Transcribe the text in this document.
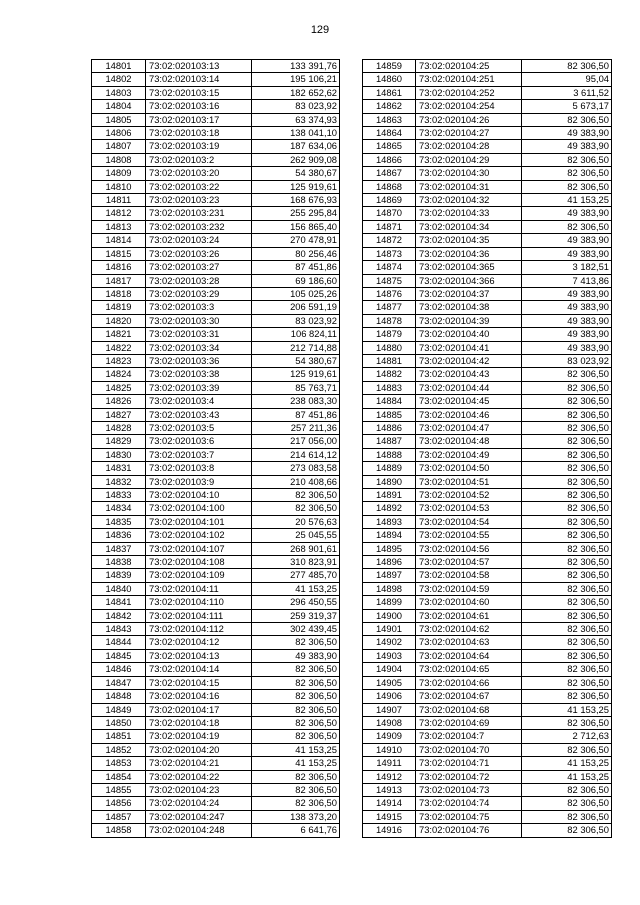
129
14801	73:02:020103:13	133 391,76
14802	73:02:020103:14	195 106,21
14803	73:02:020103:15	182 652,62
14804	73:02:020103:16	83 023,92
14805	73:02:020103:17	63 374,93
14806	73:02:020103:18	138 041,10
14807	73:02:020103:19	187 634,06
14808	73:02:020103:2	262 909,08
14809	73:02:020103:20	54 380,67
14810	73:02:020103:22	125 919,61
14811	73:02:020103:23	168 676,93
14812	73:02:020103:231	255 295,84
14813	73:02:020103:232	156 865,40
14814	73:02:020103:24	270 478,91
14815	73:02:020103:26	80 256,46
14816	73:02:020103:27	87 451,86
14817	73:02:020103:28	69 186,60
14818	73:02:020103:29	105 025,26
14819	73:02:020103:3	206 591,19
14820	73:02:020103:30	83 023,92
14821	73:02:020103:31	106 824,11
14822	73:02:020103:34	212 714,88
14823	73:02:020103:36	54 380,67
14824	73:02:020103:38	125 919,61
14825	73:02:020103:39	85 763,71
14826	73:02:020103:4	238 083,30
14827	73:02:020103:43	87 451,86
14828	73:02:020103:5	257 211,36
14829	73:02:020103:6	217 056,00
14830	73:02:020103:7	214 614,12
14831	73:02:020103:8	273 083,58
14832	73:02:020103:9	210 408,66
14833	73:02:020104:10	82 306,50
14834	73:02:020104:100	82 306,50
14835	73:02:020104:101	20 576,63
14836	73:02:020104:102	25 045,55
14837	73:02:020104:107	268 901,61
14838	73:02:020104:108	310 823,91
14839	73:02:020104:109	277 485,70
14840	73:02:020104:11	41 153,25
14841	73:02:020104:110	296 450,55
14842	73:02:020104:111	259 319,37
14843	73:02:020104:112	302 439,45
14844	73:02:020104:12	82 306,50
14845	73:02:020104:13	49 383,90
14846	73:02:020104:14	82 306,50
14847	73:02:020104:15	82 306,50
14848	73:02:020104:16	82 306,50
14849	73:02:020104:17	82 306,50
14850	73:02:020104:18	82 306,50
14851	73:02:020104:19	82 306,50
14852	73:02:020104:20	41 153,25
14853	73:02:020104:21	41 153,25
14854	73:02:020104:22	82 306,50
14855	73:02:020104:23	82 306,50
14856	73:02:020104:24	82 306,50
14857	73:02:020104:247	138 373,20
14858	73:02:020104:248	6 641,76
14859	73:02:020104:25	82 306,50
14860	73:02:020104:251	95,04
14861	73:02:020104:252	3 611,52
14862	73:02:020104:254	5 673,17
14863	73:02:020104:26	82 306,50
14864	73:02:020104:27	49 383,90
14865	73:02:020104:28	49 383,90
14866	73:02:020104:29	82 306,50
14867	73:02:020104:30	82 306,50
14868	73:02:020104:31	82 306,50
14869	73:02:020104:32	41 153,25
14870	73:02:020104:33	49 383,90
14871	73:02:020104:34	82 306,50
14872	73:02:020104:35	49 383,90
14873	73:02:020104:36	49 383,90
14874	73:02:020104:365	3 182,51
14875	73:02:020104:366	7 413,86
14876	73:02:020104:37	49 383,90
14877	73:02:020104:38	49 383,90
14878	73:02:020104:39	49 383,90
14879	73:02:020104:40	49 383,90
14880	73:02:020104:41	49 383,90
14881	73:02:020104:42	83 023,92
14882	73:02:020104:43	82 306,50
14883	73:02:020104:44	82 306,50
14884	73:02:020104:45	82 306,50
14885	73:02:020104:46	82 306,50
14886	73:02:020104:47	82 306,50
14887	73:02:020104:48	82 306,50
14888	73:02:020104:49	82 306,50
14889	73:02:020104:50	82 306,50
14890	73:02:020104:51	82 306,50
14891	73:02:020104:52	82 306,50
14892	73:02:020104:53	82 306,50
14893	73:02:020104:54	82 306,50
14894	73:02:020104:55	82 306,50
14895	73:02:020104:56	82 306,50
14896	73:02:020104:57	82 306,50
14897	73:02:020104:58	82 306,50
14898	73:02:020104:59	82 306,50
14899	73:02:020104:60	82 306,50
14900	73:02:020104:61	82 306,50
14901	73:02:020104:62	82 306,50
14902	73:02:020104:63	82 306,50
14903	73:02:020104:64	82 306,50
14904	73:02:020104:65	82 306,50
14905	73:02:020104:66	82 306,50
14906	73:02:020104:67	82 306,50
14907	73:02:020104:68	41 153,25
14908	73:02:020104:69	82 306,50
14909	73:02:020104:7	2 712,63
14910	73:02:020104:70	82 306,50
14911	73:02:020104:71	41 153,25
14912	73:02:020104:72	41 153,25
14913	73:02:020104:73	82 306,50
14914	73:02:020104:74	82 306,50
14915	73:02:020104:75	82 306,50
14916	73:02:020104:76	82 306,50
